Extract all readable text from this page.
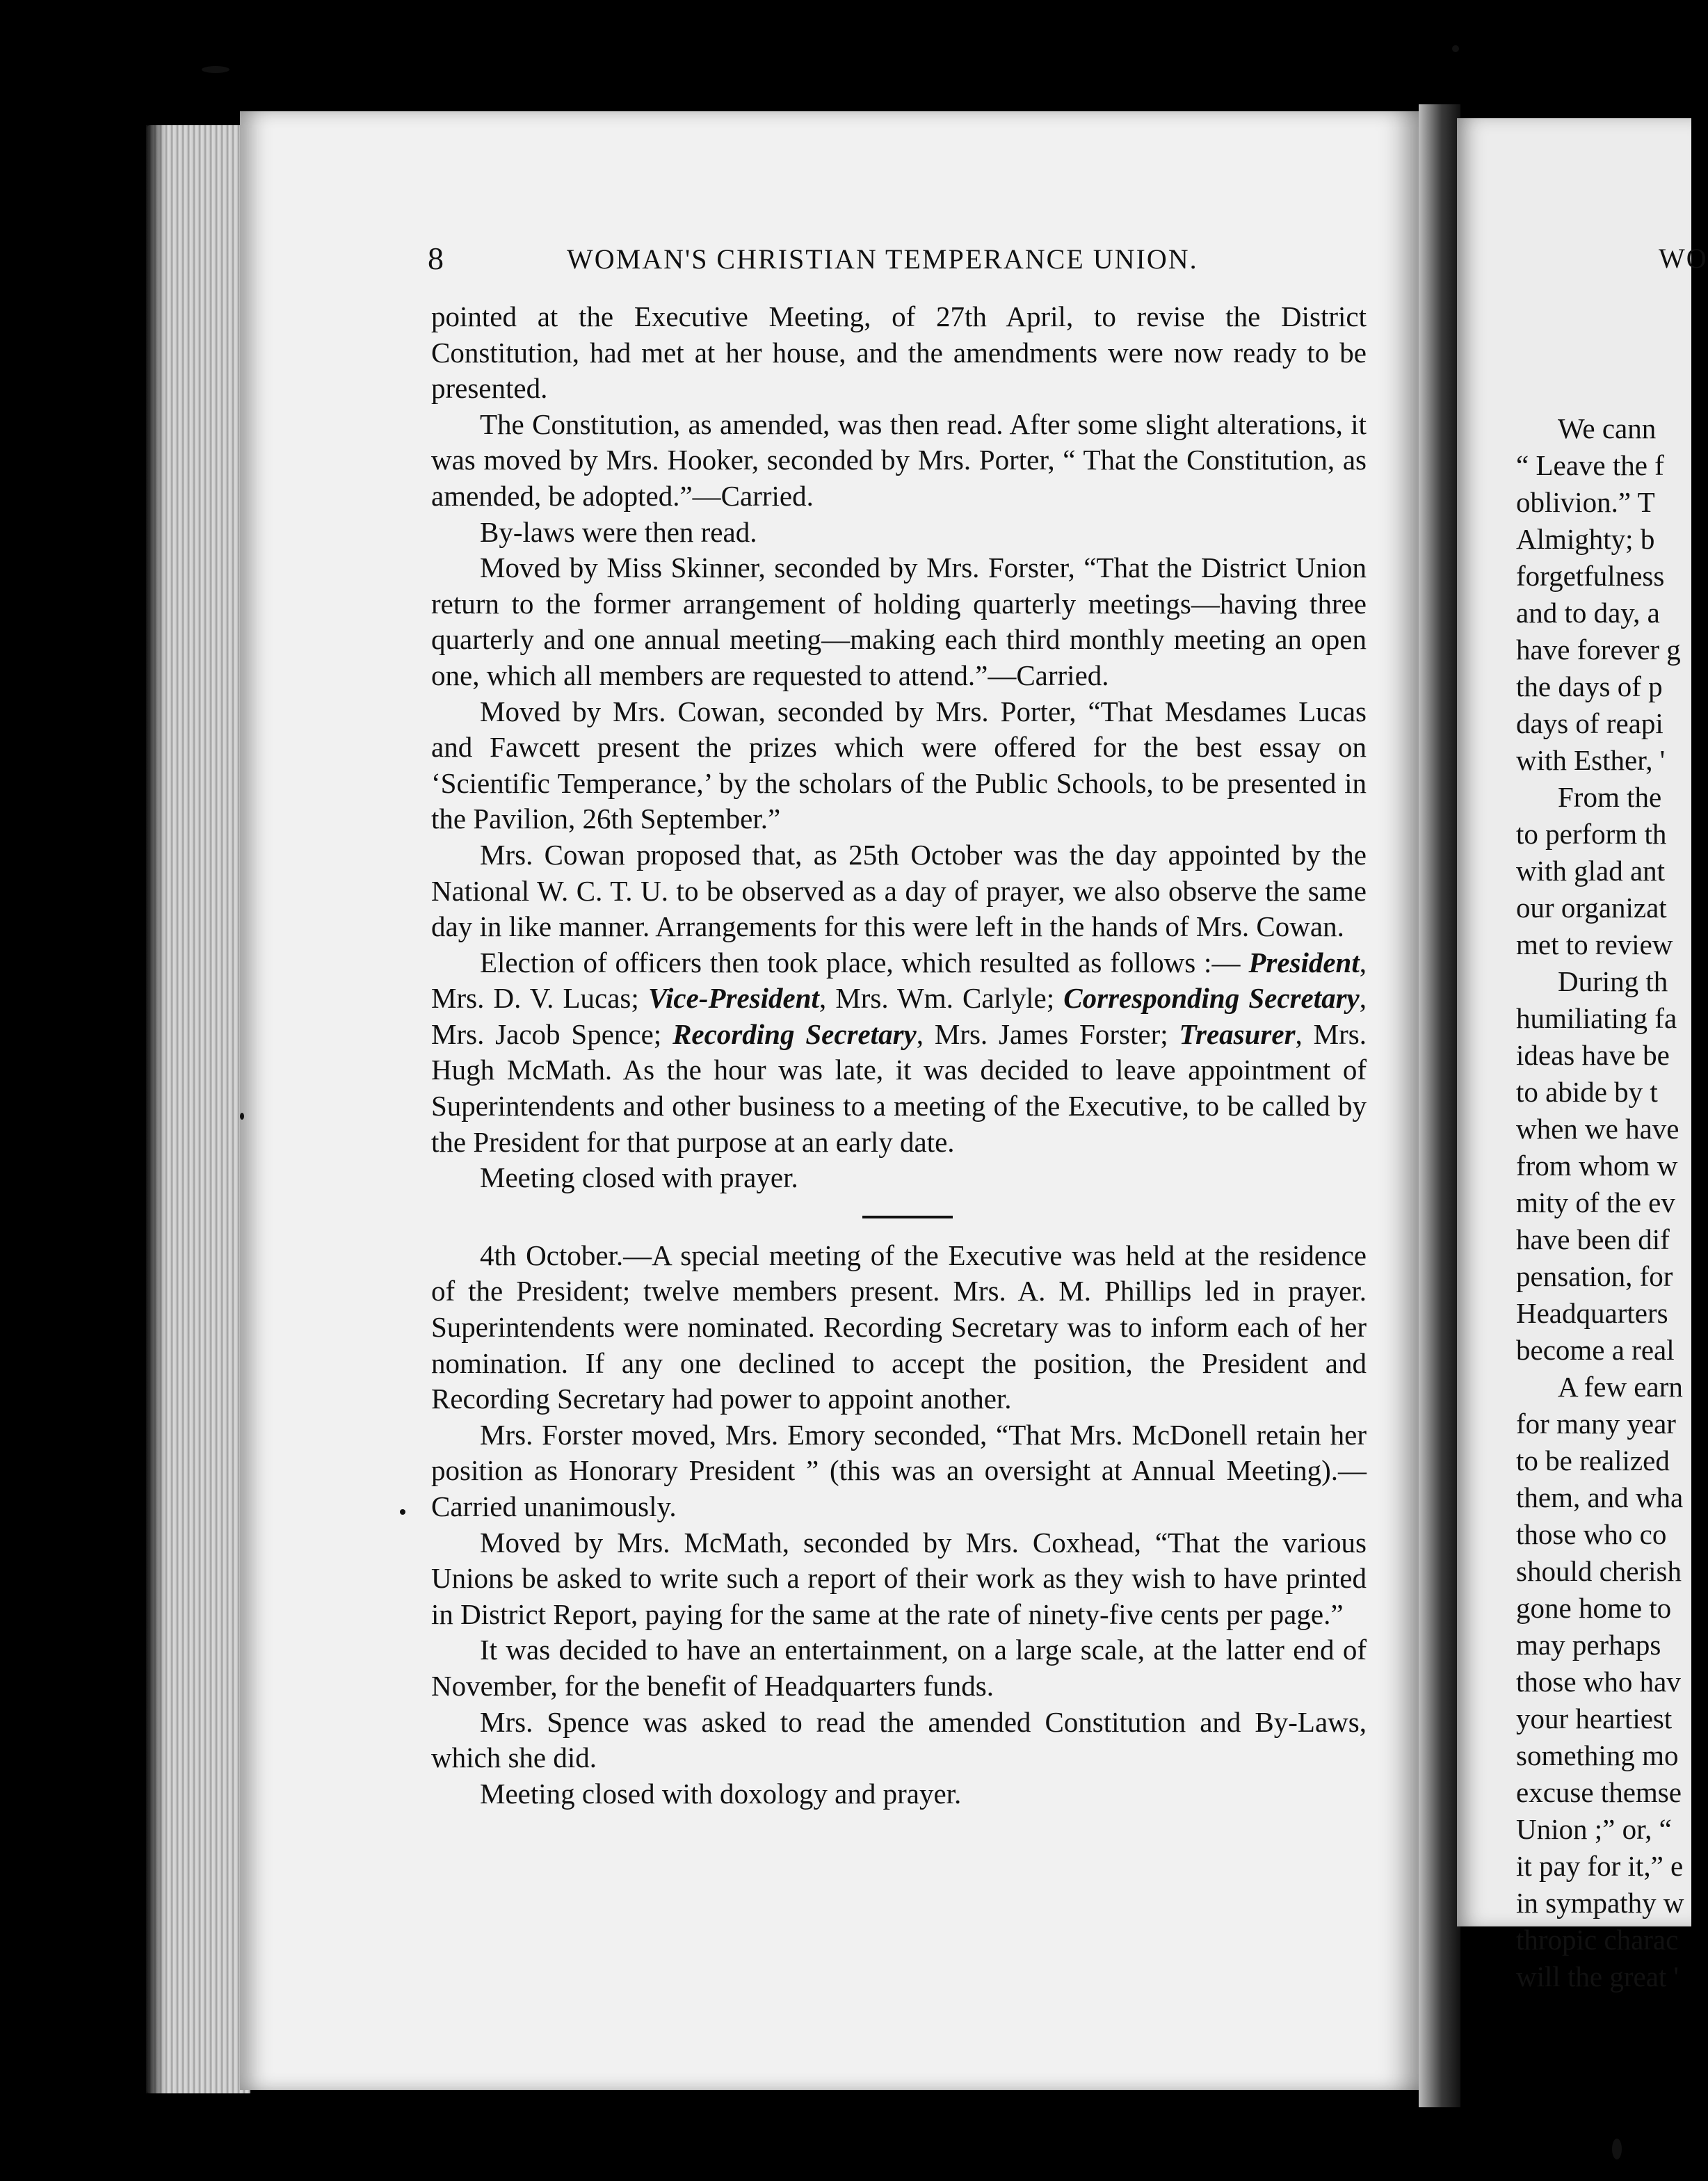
8	WOMAN'S CHRISTIAN TEMPERANCE UNION.

pointed at the Executive Meeting, of 27th April, to revise the District Constitution, had met at her house, and the amendments were now ready to be presented.

The Constitution, as amended, was then read. After some slight alterations, it was moved by Mrs. Hooker, seconded by Mrs. Porter, “ That the Constitution, as amended, be adopted.”—Carried.

By-laws were then read.

Moved by Miss Skinner, seconded by Mrs. Forster, “That the District Union return to the former arrangement of holding quarterly meetings—having three quarterly and one annual meeting—making each third monthly meeting an open one, which all members are requested to attend.”—Carried.

Moved by Mrs. Cowan, seconded by Mrs. Porter, “That Mesdames Lucas and Fawcett present the prizes which were offered for the best essay on ‘Scientific Temperance,’ by the scholars of the Public Schools, to be presented in the Pavilion, 26th September.”

Mrs. Cowan proposed that, as 25th October was the day appointed by the National W. C. T. U. to be observed as a day of prayer, we also observe the same day in like manner. Arrangements for this were left in the hands of Mrs. Cowan.

Election of officers then took place, which resulted as follows :— President, Mrs. D. V. Lucas; Vice-President, Mrs. Wm. Carlyle; Corresponding Secretary, Mrs. Jacob Spence; Recording Secretary, Mrs. James Forster; Treasurer, Mrs. Hugh McMath. As the hour was late, it was decided to leave appointment of Superintendents and other business to a meeting of the Executive, to be called by the President for that purpose at an early date.

Meeting closed with prayer.

4th October.—A special meeting of the Executive was held at the residence of the President; twelve members present. Mrs. A. M. Phillips led in prayer. Superintendents were nominated. Recording Secretary was to inform each of her nomination. If any one declined to accept the position, the President and Recording Secretary had power to appoint another.

Mrs. Forster moved, Mrs. Emory seconded, “That Mrs. McDonell retain her position as Honorary President ” (this was an oversight at Annual Meeting).—Carried unanimously.

Moved by Mrs. McMath, seconded by Mrs. Coxhead, “That the various Unions be asked to write such a report of their work as they wish to have printed in District Report, paying for the same at the rate of ninety-five cents per page.”

It was decided to have an entertainment, on a large scale, at the latter end of November, for the benefit of Headquarters funds.

Mrs. Spence was asked to read the amended Constitution and By-Laws, which she did.

Meeting closed with doxology and prayer.

WO
We cann
“ Leave the f
oblivion.” T
Almighty; b
forgetfulness
and to day, a
have forever g
the days of p
days of reapi
with Esther, '
From the
to perform th
with glad ant
our organizat
met to review
During th
humiliating fa
ideas have be
to abide by t
when we have
from whom w
mity of the ev
have been dif
pensation, for
Headquarters
become a real
A few earn
for many year
to be realized
them, and wha
those who co
should cherish
gone home to
may perhaps
those who hav
your heartiest
something mo
excuse themse
Union ;” or, “
it pay for it,” e
in sympathy w
thropic charac
will the great '
